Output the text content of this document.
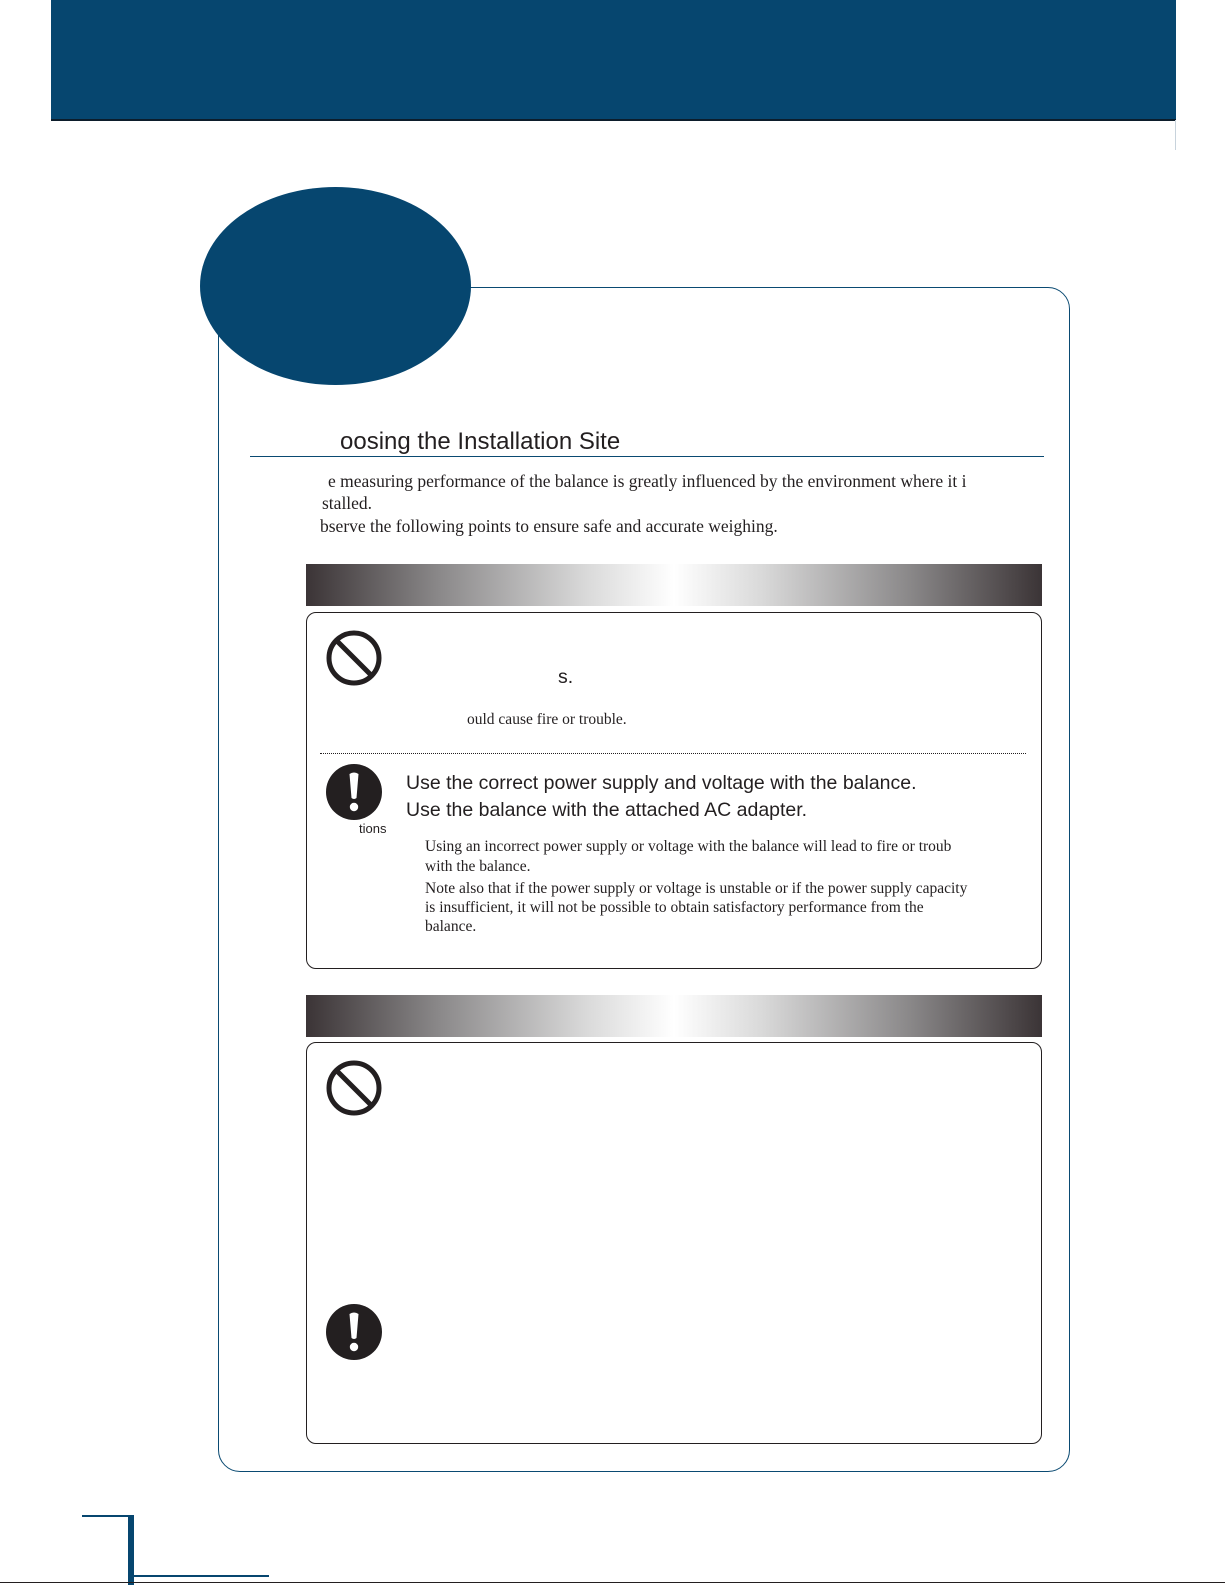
oosing the Installation Site
e measuring performance of the balance is greatly influenced by the environment where it i
stalled.
bserve the following points to ensure safe and accurate weighing.
s.
ould cause fire or trouble.
tions
Use the correct power supply and voltage with the balance.
Use the balance with the attached AC adapter.
Using an incorrect power supply or voltage with the balance will lead to fire or troub
with the balance.
Note also that if the power supply or voltage is unstable or if the power supply capacity
is insufficient, it will not be possible to obtain satisfactory performance from the
balance.
